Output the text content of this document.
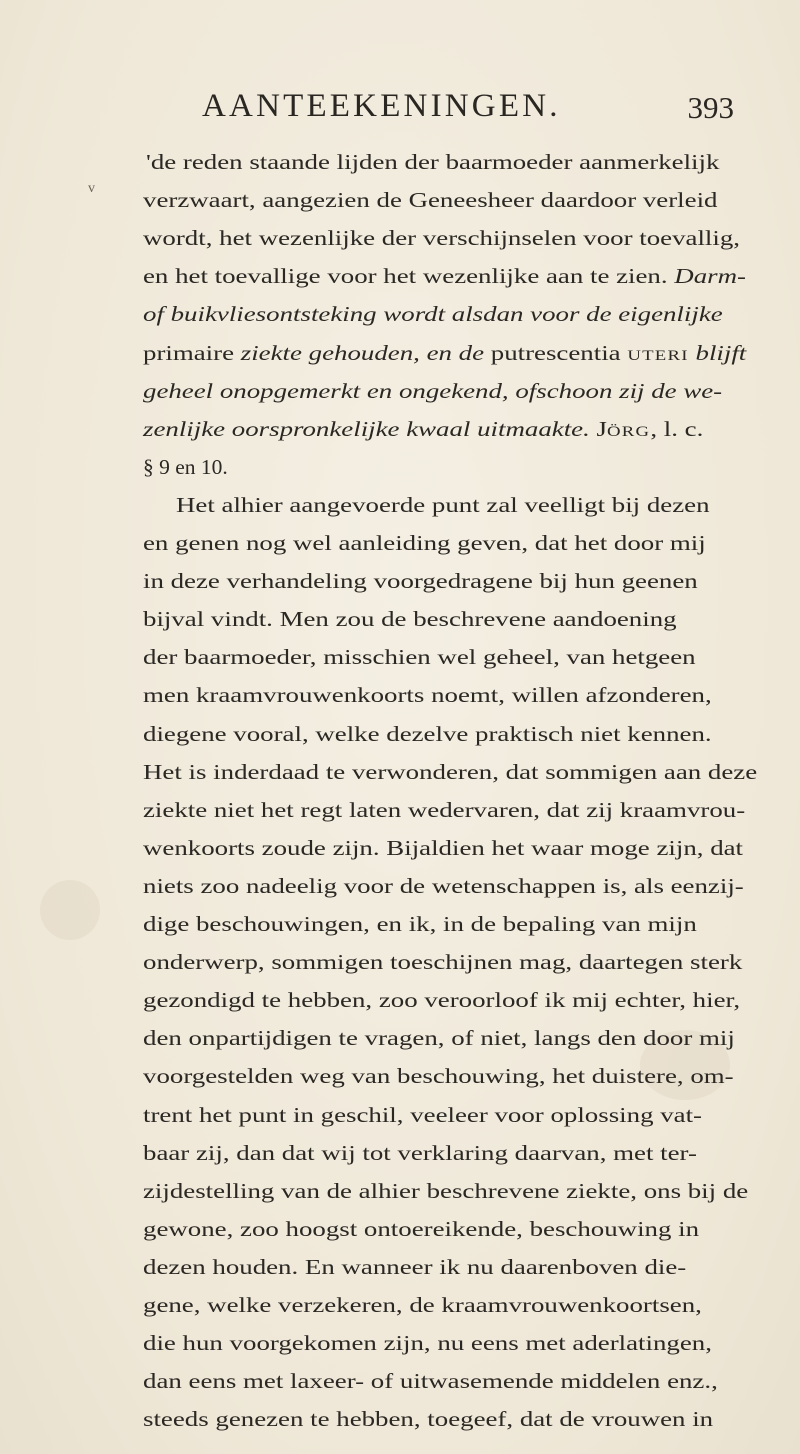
AANTEEKENINGEN.	393
v
'de reden staande lijden der baarmoeder aanmerkelijk
verzwaart, aangezien de Geneesheer daardoor verleid
wordt, het wezenlijke der verschijnselen voor toevallig,
en het toevallige voor het wezenlijke aan te zien. Darm-
of buikvliesontsteking wordt alsdan voor de eigenlijke
primaire ziekte gehouden, en de putrescentia uteri blijft
geheel onopgemerkt en ongekend, ofschoon zij de we-
zenlijke oorspronkelijke kwaal uitmaakte. Jörg, l. c.
§ 9 en 10.
Het alhier aangevoerde punt zal veelligt bij dezen
en genen nog wel aanleiding geven, dat het door mij
in deze verhandeling voorgedragene bij hun geenen
bijval vindt. Men zou de beschrevene aandoening
der baarmoeder, misschien wel geheel, van hetgeen
men kraamvrouwenkoorts noemt, willen afzonderen,
diegene vooral, welke dezelve praktisch niet kennen.
Het is inderdaad te verwonderen, dat sommigen aan deze
ziekte niet het regt laten wedervaren, dat zij kraamvrou-
wenkoorts zoude zijn. Bijaldien het waar moge zijn, dat
niets zoo nadeelig voor de wetenschappen is, als eenzij-
dige beschouwingen, en ik, in de bepaling van mijn
onderwerp, sommigen toeschijnen mag, daartegen sterk
gezondigd te hebben, zoo veroorloof ik mij echter, hier,
den onpartijdigen te vragen, of niet, langs den door mij
voorgestelden weg van beschouwing, het duistere, om-
trent het punt in geschil, veeleer voor oplossing vat-
baar zij, dan dat wij tot verklaring daarvan, met ter-
zijdestelling van de alhier beschrevene ziekte, ons bij de
gewone, zoo hoogst ontoereikende, beschouwing in
dezen houden. En wanneer ik nu daarenboven die-
gene, welke verzekeren, de kraamvrouwenkoortsen,
die hun voorgekomen zijn, nu eens met aderlatingen,
dan eens met laxeer- of uitwasemende middelen enz.,
steeds genezen te hebben, toegeef, dat de vrouwen in
